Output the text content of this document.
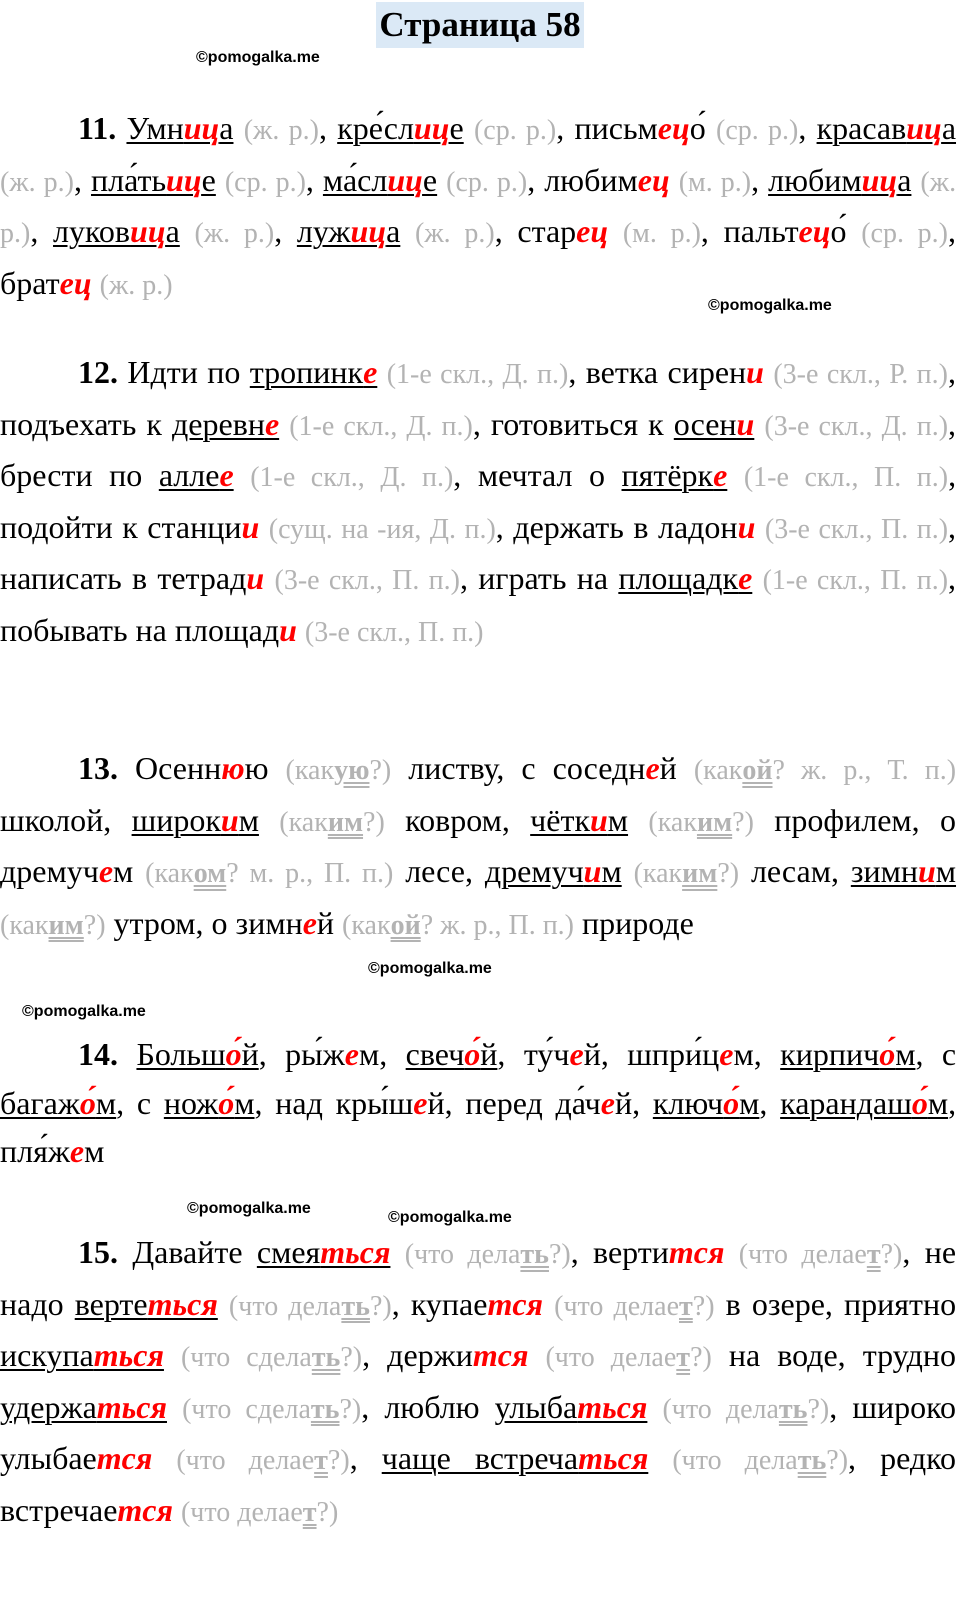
Страница 58
©pomogalka.me
11. Умница (ж. р.), кре́слице (ср. р.), письмецо́ (ср. р.), красавица (ж. р.), пла́тьице (ср. р.), ма́слице (ср. р.), любимец (м. р.), любимица (ж. р.), луковица (ж. р.), лужица (ж. р.), старец (м. р.), пальтецо́ (ср. р.), братец (ж. р.)
©pomogalka.me
12. Идти по тропинке (1-е скл., Д. п.), ветка сирени (3-е скл., Р. п.), подъехать к деревне (1-е скл., Д. п.), готовиться к осени (3-е скл., Д. п.), брести по аллее (1-е скл., Д. п.), мечтал о пятёрке (1-е скл., П. п.), подойти к станции (сущ. на -ия, Д. п.), держать в ладони (3-е скл., П. п.), написать в тетради (3-е скл., П. п.), играть на площадке (1-е скл., П. п.), побывать на площади (3-е скл., П. п.)
13. Осеннюю (какую?) листву, с соседней (какой? ж. р., Т. п.) школой, широким (каким?) ковром, чётким (каким?) профилем, о дремучем (каком? м. р., П. п.) лесе, дремучим (каким?) лесам, зимним (каким?) утром, о зимней (какой? ж. р., П. п.) природе
©pomogalka.me
©pomogalka.me
14. Большо́й, ры́жем, свечо́й, ту́чей, шпри́цем, кирпичо́м, с багажо́м, с ножо́м, над кры́шей, перед да́чей, ключо́м, карандашо́м, пля́жем
©pomogalka.me
©pomogalka.me
15. Давайте смеяться (что делать?), вертится (что делает?), не надо вертеться (что делать?), купается (что делает?) в озере, приятно искупаться (что сделать?), держится (что делает?) на воде, трудно удержаться (что сделать?), люблю улыбаться (что делать?), широко улыбается (что делает?), чаще встречаться (что делать?), редко встречается (что делает?)
